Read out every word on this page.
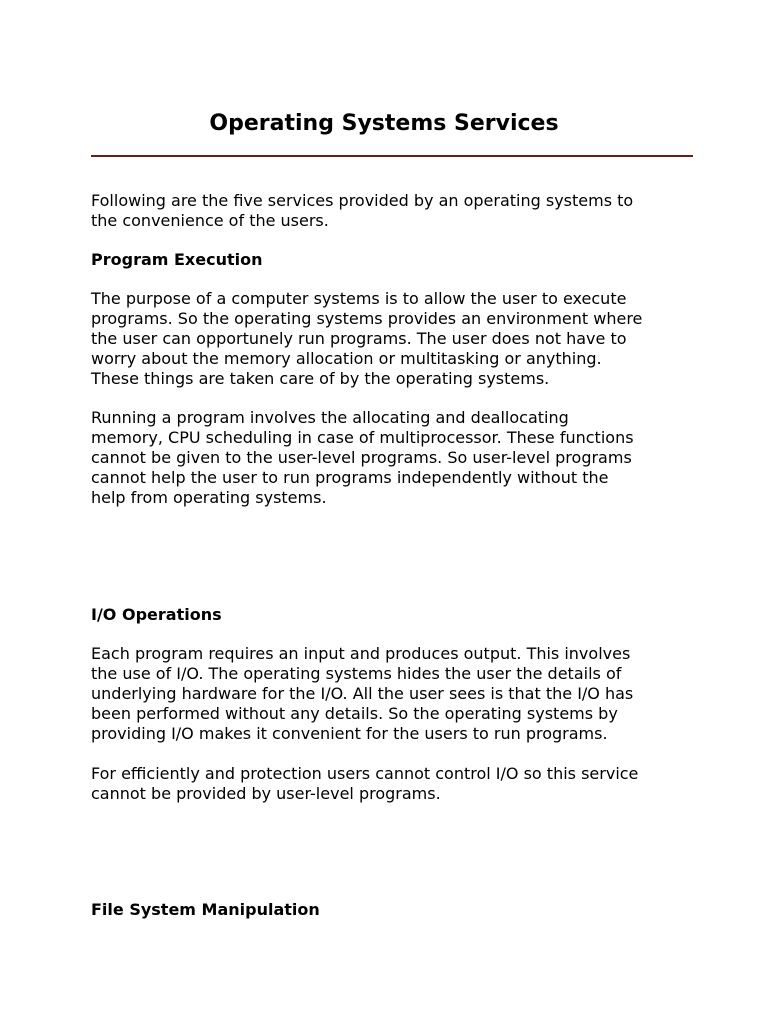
Operating Systems Services

Following are the five services provided by an operating systems to
the convenience of the users.

Program Execution

The purpose of a computer systems is to allow the user to execute
programs. So the operating systems provides an environment where
the user can opportunely run programs. The user does not have to
worry about the memory allocation or multitasking or anything.
These things are taken care of by the operating systems.

Running a program involves the allocating and deallocating
memory, CPU scheduling in case of multiprocessor. These functions
cannot be given to the user-level programs. So user-level programs
cannot help the user to run programs independently without the
help from operating systems.

I/O Operations

Each program requires an input and produces output. This involves
the use of I/O. The operating systems hides the user the details of
underlying hardware for the I/O. All the user sees is that the I/O has
been performed without any details. So the operating systems by
providing I/O makes it convenient for the users to run programs.

For efficiently and protection users cannot control I/O so this service
cannot be provided by user-level programs.

File System Manipulation
